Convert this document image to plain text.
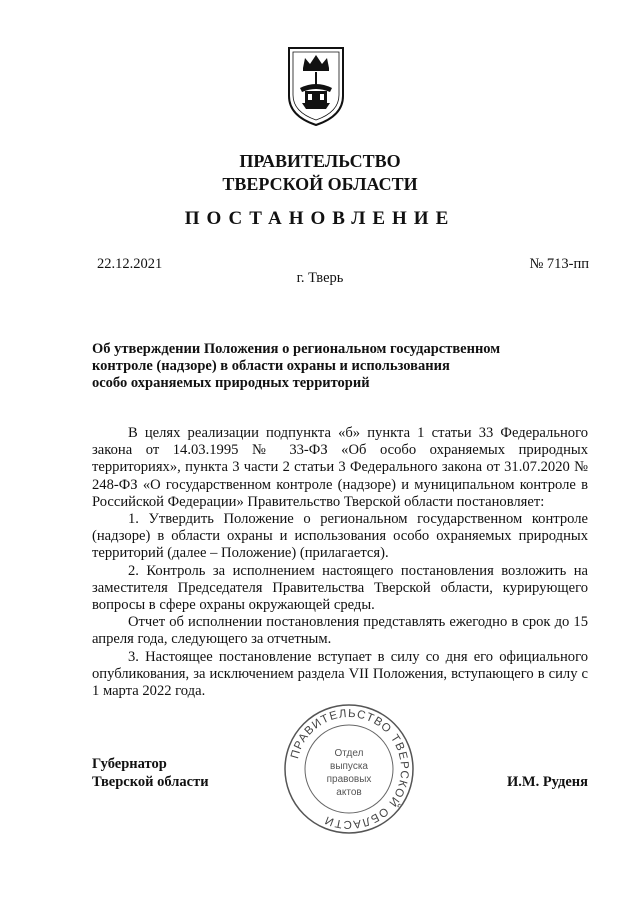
ПРАВИТЕЛЬСТВО
ТВЕРСКОЙ ОБЛАСТИ
ПОСТАНОВЛЕНИЕ
22.12.2021	№ 713-пп
г. Тверь
Об утверждении Положения о региональном государственном
контроле (надзоре) в области охраны и использования
особо охраняемых природных территорий

В целях реализации подпункта «б» пункта 1 статьи 33 Федерального закона от 14.03.1995 № 33-ФЗ «Об особо охраняемых природных территориях», пункта 3 части 2 статьи 3 Федерального закона от 31.07.2020 № 248-ФЗ «О государственном контроле (надзоре) и муниципальном контроле в Российской Федерации» Правительство Тверской области постановляет:

1. Утвердить Положение о региональном государственном контроле (надзоре) в области охраны и использования особо охраняемых природных территорий (далее – Положение) (прилагается).

2. Контроль за исполнением настоящего постановления возложить на заместителя Председателя Правительства Тверской области, курирующего вопросы в сфере охраны окружающей среды.

Отчет об исполнении постановления представлять ежегодно в срок до 15 апреля года, следующего за отчетным.

3. Настоящее постановление вступает в силу со дня его официального опубликования, за исключением раздела VII Положения, вступающего в силу с 1 марта 2022 года.

ПРАВИТЕЛЬСТВО ТВЕРСКОЙ ОБЛАСТИ
Отдел
выпуска
правовых
актов
Губернатор
Тверской области	И.М. Руденя
